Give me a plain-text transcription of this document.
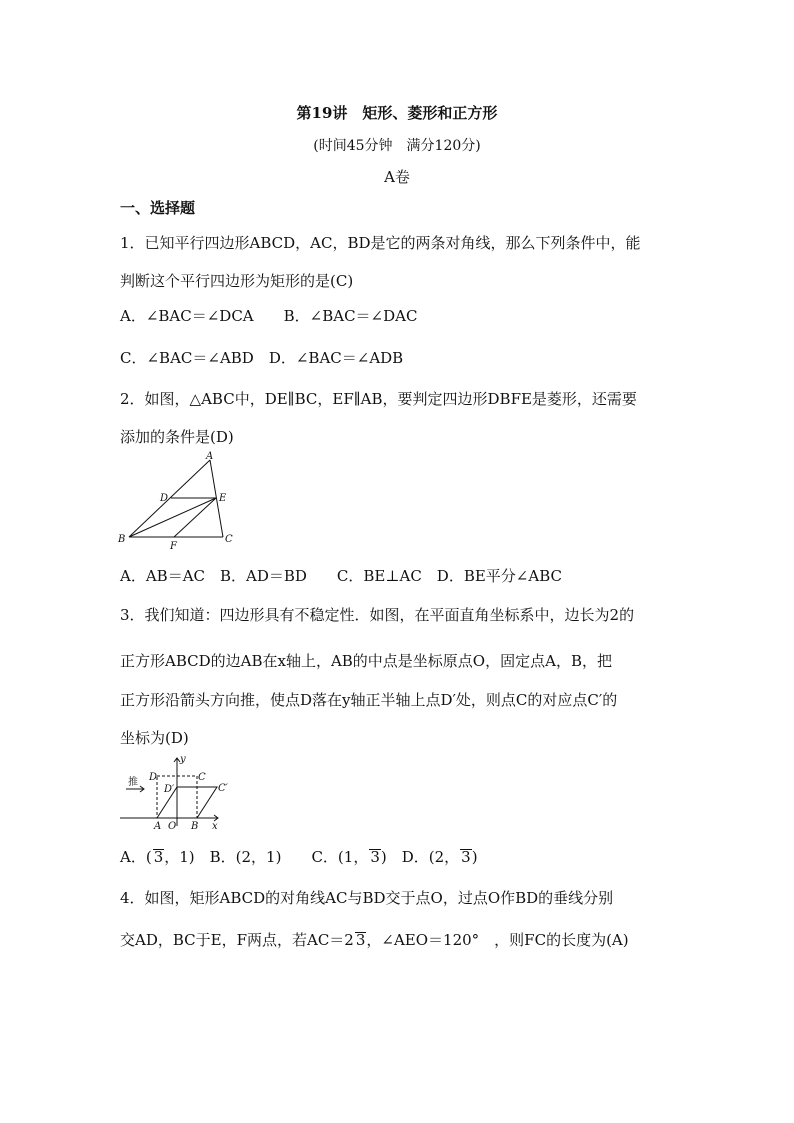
第19讲　矩形、菱形和正方形
(时间45分钟　满分120分)
A卷
一、选择题
1．已知平行四边形ABCD，AC，BD是它的两条对角线，那么下列条件中，能
判断这个平行四边形为矩形的是(C)
A．∠BAC＝∠DCA　　B．∠BAC＝∠DAC
C．∠BAC＝∠ABD　D．∠BAC＝∠ADB
2．如图，△ABC中，DE∥BC，EF∥AB，要判定四边形DBFE是菱形，还需要
添加的条件是(D)
A
B	C
D	E
F
A．AB＝AC　B．AD＝BD　　C．BE⊥AC　D．BE平分∠ABC
3．我们知道：四边形具有不稳定性．如图，在平面直角坐标系中，边长为2的
正方形ABCD的边AB在x轴上，AB的中点是坐标原点O，固定点A，B，把
正方形沿箭头方向推，使点D落在y轴正半轴上点D′处，则点C的对应点C′的
坐标为(D)
推 D
D′
C
C′
A O B x
y
A．( 3，1)　B．(2，1)　　C．(1， 3)　D．(2， 3)
4．如图，矩形ABCD的对角线AC与BD交于点O，过点O作BD的垂线分别
交AD，BC于E，F两点，若AC＝2 3，∠AEO＝120°　，则FC的长度为(A)
